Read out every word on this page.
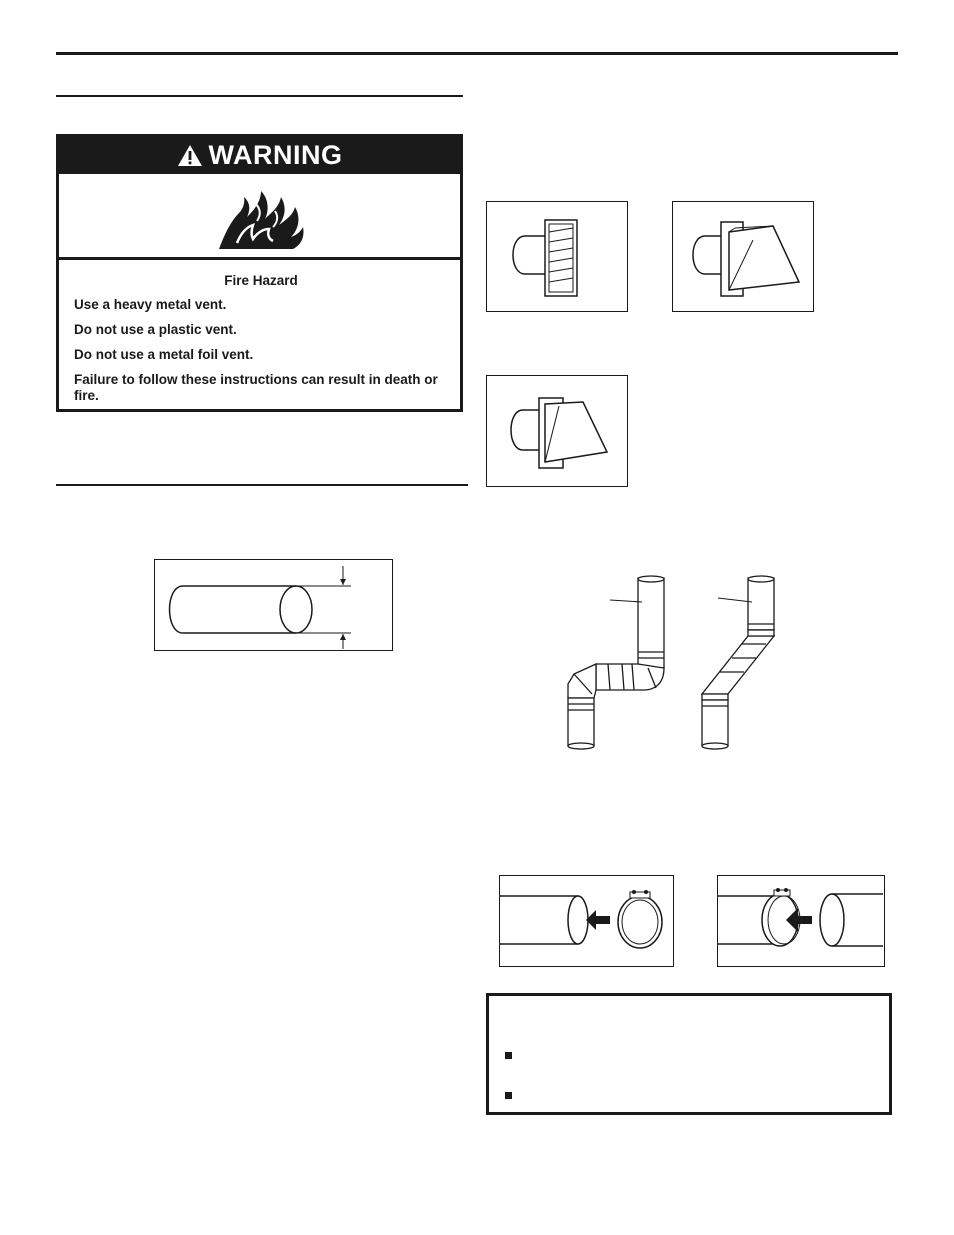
WARNING
Fire Hazard

Use a heavy metal vent.

Do not use a plastic vent.

Do not use a metal foil vent.

Failure to follow these instructions can result in death or fire.
